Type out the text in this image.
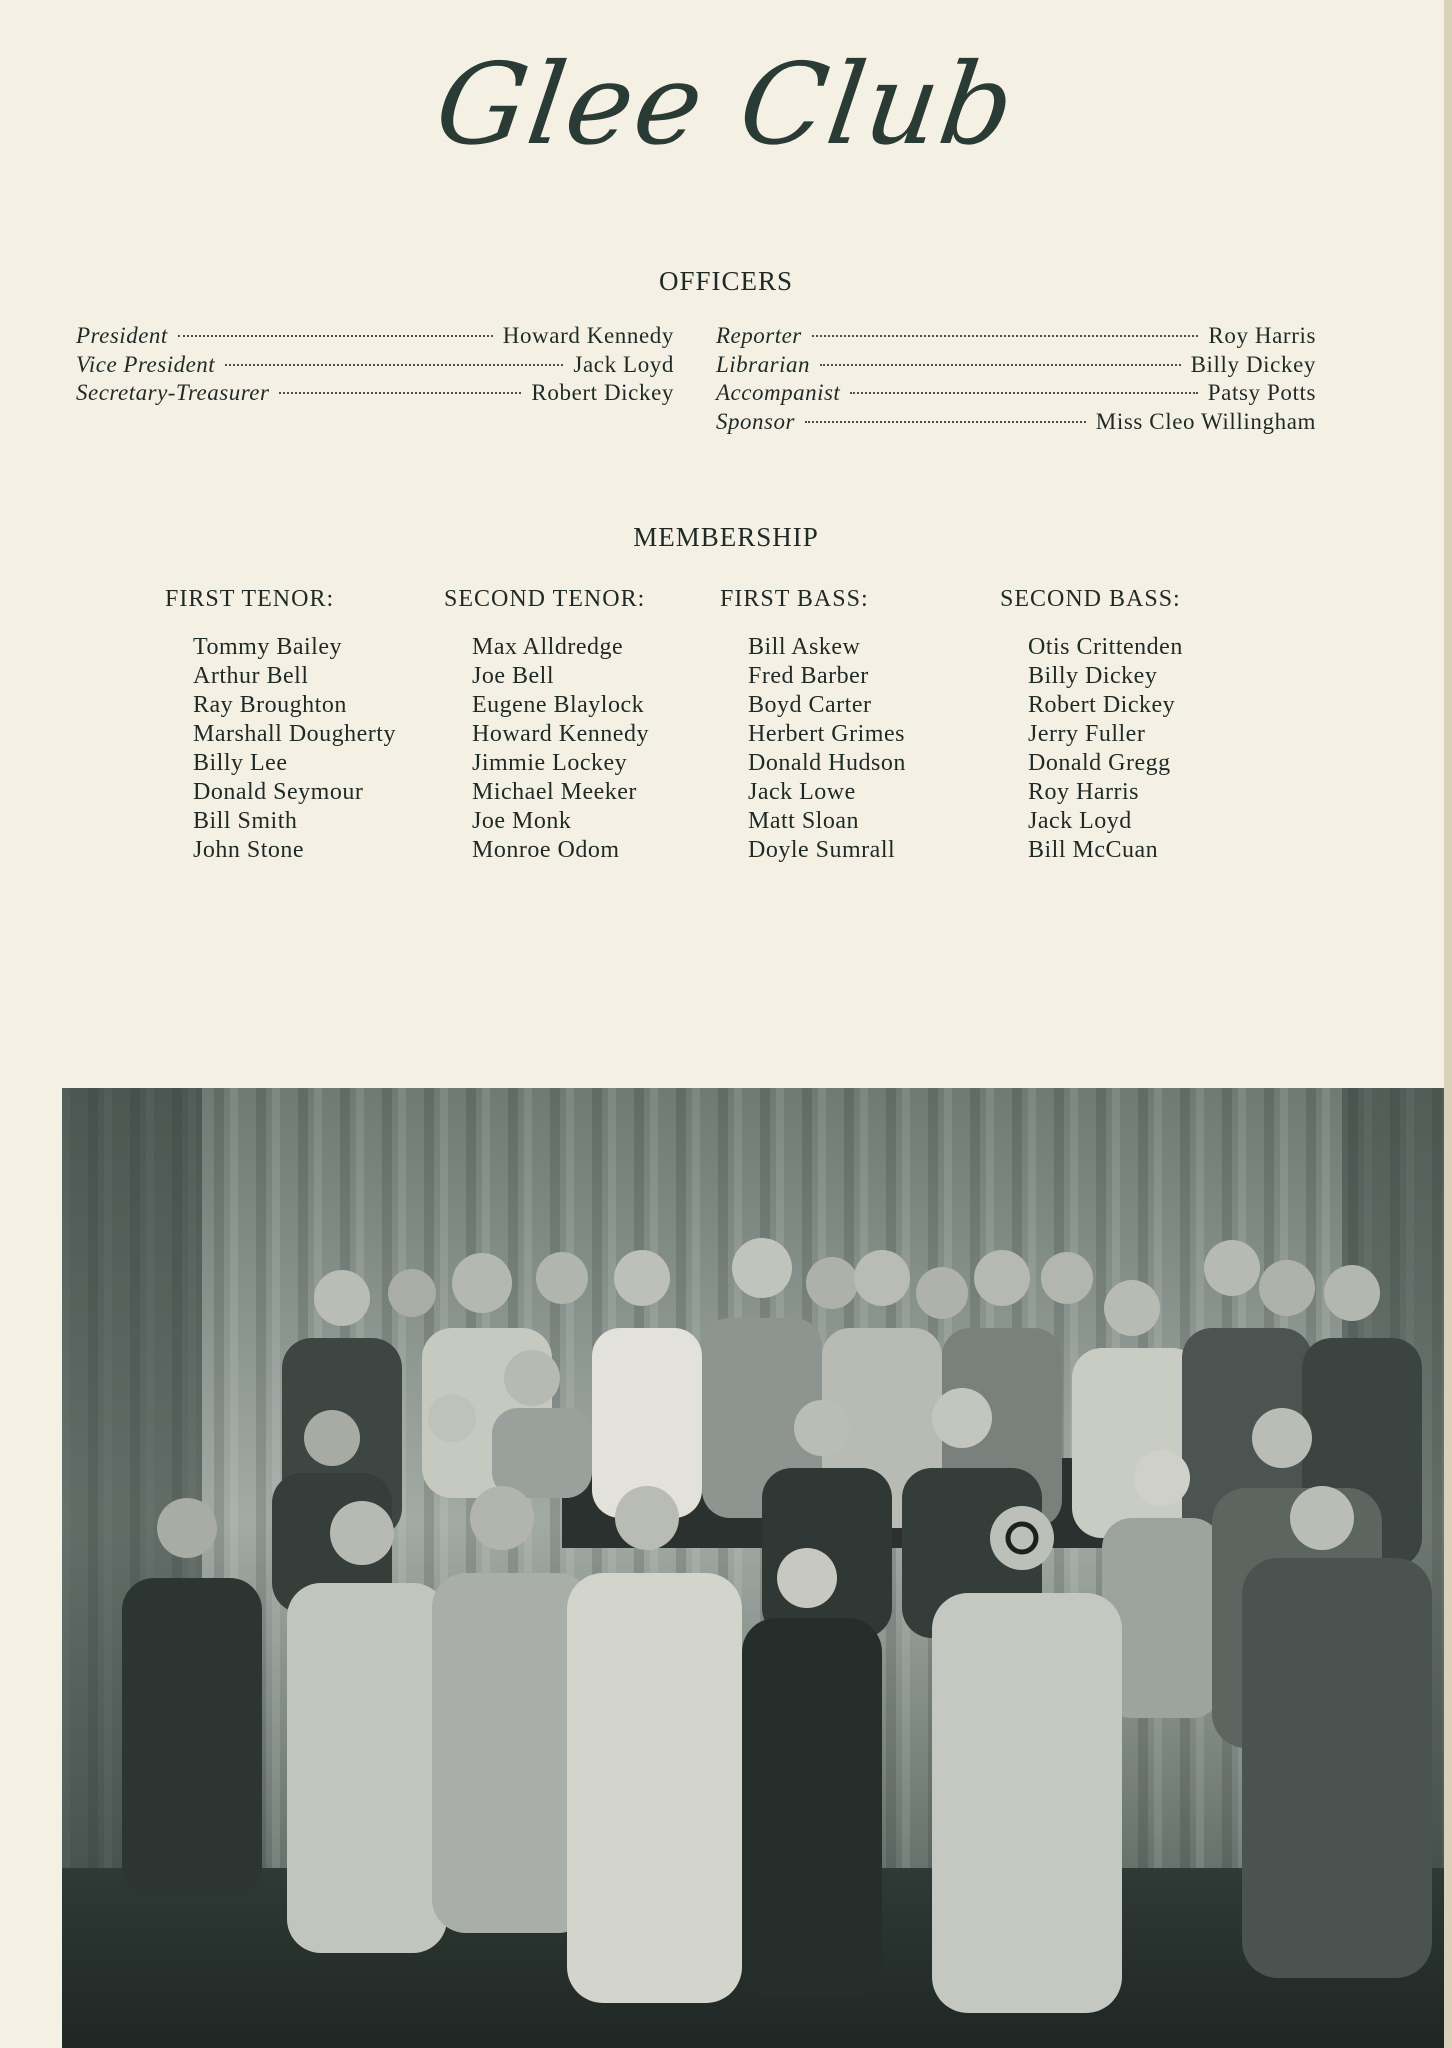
Glee Club
OFFICERS
President	Howard Kennedy
Vice President	Jack Loyd
Secretary-Treasurer	Robert Dickey
Reporter	Roy Harris
Librarian	Billy Dickey
Accompanist	Patsy Potts
Sponsor	Miss Cleo Willingham
MEMBERSHIP
FIRST TENOR:
Tommy Bailey
Arthur Bell
Ray Broughton
Marshall Dougherty
Billy Lee
Donald Seymour
Bill Smith
John Stone
SECOND TENOR:
Max Alldredge
Joe Bell
Eugene Blaylock
Howard Kennedy
Jimmie Lockey
Michael Meeker
Joe Monk
Monroe Odom
FIRST BASS:
Bill Askew
Fred Barber
Boyd Carter
Herbert Grimes
Donald Hudson
Jack Lowe
Matt Sloan
Doyle Sumrall
SECOND BASS:
Otis Crittenden
Billy Dickey
Robert Dickey
Jerry Fuller
Donald Gregg
Roy Harris
Jack Loyd
Bill McCuan
